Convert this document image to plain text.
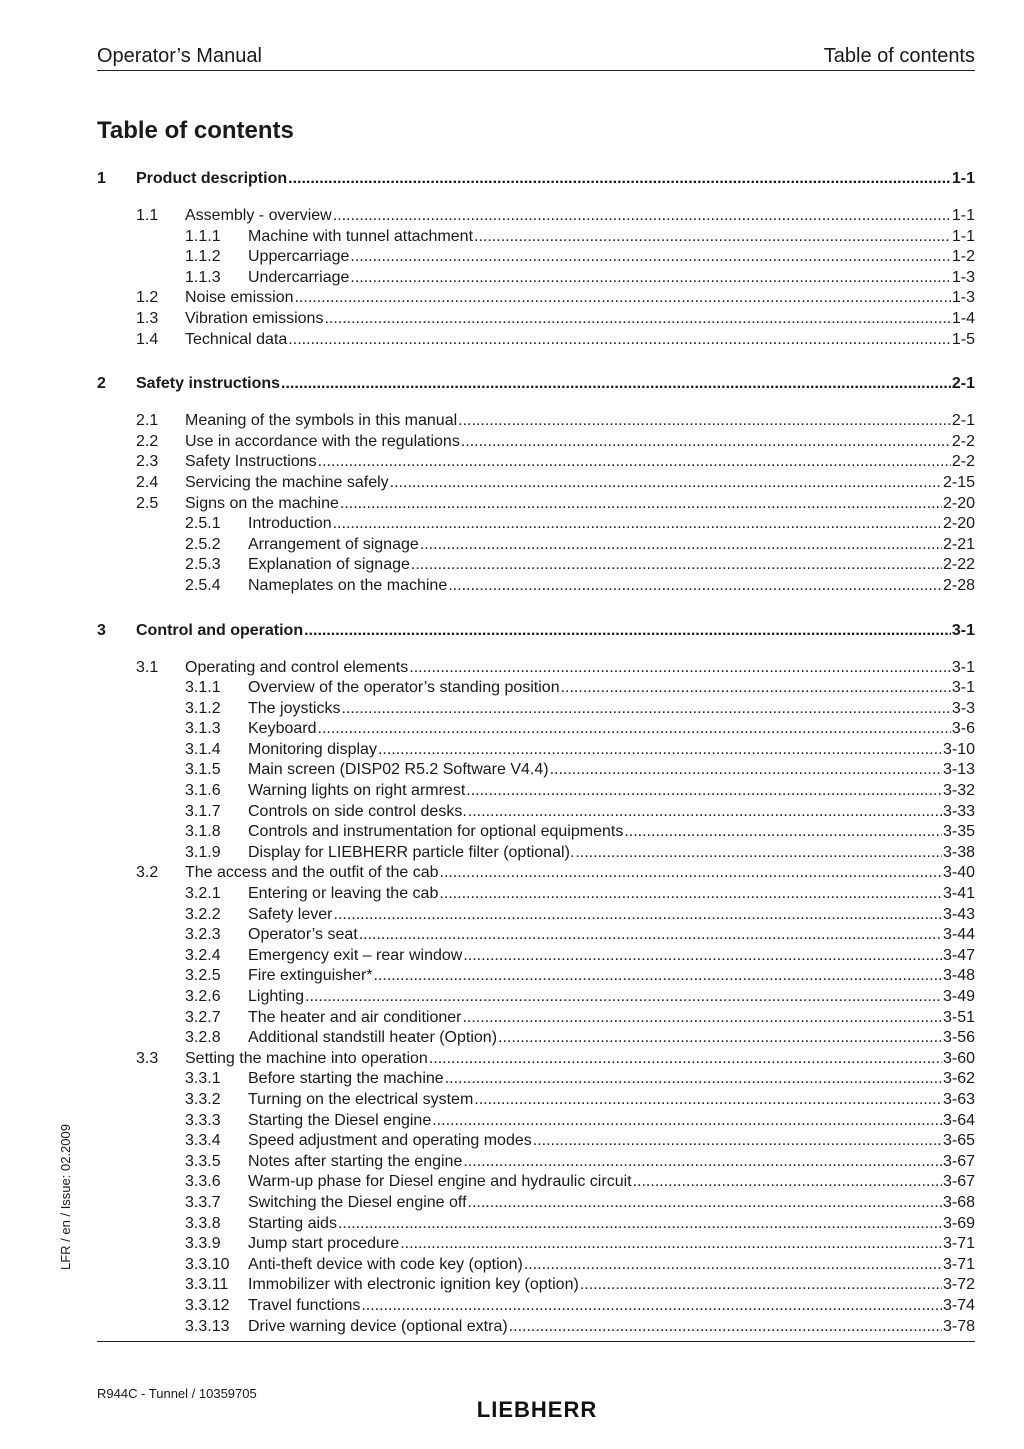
Operator’s Manual	Table of contents
Table of contents
1 Product description .....	1-1
1.1 Assembly - overview .....	1-1
1.1.1 Machine with tunnel attachment .....	1-1
1.1.2 Uppercarriage .....	1-2
1.1.3 Undercarriage .....	1-3
1.2 Noise emission .....	1-3
1.3 Vibration emissions .....	1-4
1.4 Technical data .....	1-5
2 Safety instructions .....	2-1
2.1 Meaning of the symbols in this manual .....	2-1
2.2 Use in accordance with the regulations .....	2-2
2.3 Safety Instructions .....	2-2
2.4 Servicing the machine safely .....	2-15
2.5 Signs on the machine .....	2-20
2.5.1 Introduction .....	2-20
2.5.2 Arrangement of signage .....	2-21
2.5.3 Explanation of signage .....	2-22
2.5.4 Nameplates on the machine .....	2-28
3 Control and operation .....	3-1
3.1 Operating and control elements .....	3-1
3.1.1 Overview of the operator’s standing position .....	3-1
3.1.2 The joysticks .....	3-3
3.1.3 Keyboard .....	3-6
3.1.4 Monitoring display .....	3-10
3.1.5 Main screen (DISP02 R5.2 Software V4.4) .....	3-13
3.1.6 Warning lights on right armrest .....	3-32
3.1.7 Controls on side control desks. .....	3-33
3.1.8 Controls and instrumentation for optional equipments .....	3-35
3.1.9 Display for LIEBHERR particle filter (optional). .....	3-38
3.2 The access and the outfit of the cab .....	3-40
3.2.1 Entering or leaving the cab .....	3-41
3.2.2 Safety lever .....	3-43
3.2.3 Operator’s seat .....	3-44
3.2.4 Emergency exit – rear window .....	3-47
3.2.5 Fire extinguisher* .....	3-48
3.2.6 Lighting .....	3-49
3.2.7 The heater and air conditioner .....	3-51
3.2.8 Additional standstill heater (Option) .....	3-56
3.3 Setting the machine into operation .....	3-60
3.3.1 Before starting the machine .....	3-62
3.3.2 Turning on the electrical system .....	3-63
3.3.3 Starting the Diesel engine .....	3-64
3.3.4 Speed adjustment and operating modes .....	3-65
3.3.5 Notes after starting the engine .....	3-67
3.3.6 Warm-up phase for Diesel engine and hydraulic circuit .....	3-67
3.3.7 Switching the Diesel engine off .....	3-68
3.3.8 Starting aids .....	3-69
3.3.9 Jump start procedure .....	3-71
3.3.10 Anti-theft device with code key (option) .....	3-71
3.3.11 Immobilizer with electronic ignition key (option) .....	3-72
3.3.12 Travel functions .....	3-74
3.3.13 Drive warning device (optional extra) .....	3-78
LFR / en / Issue: 02.2009
R944C - Tunnel / 10359705
LIEBHERR
